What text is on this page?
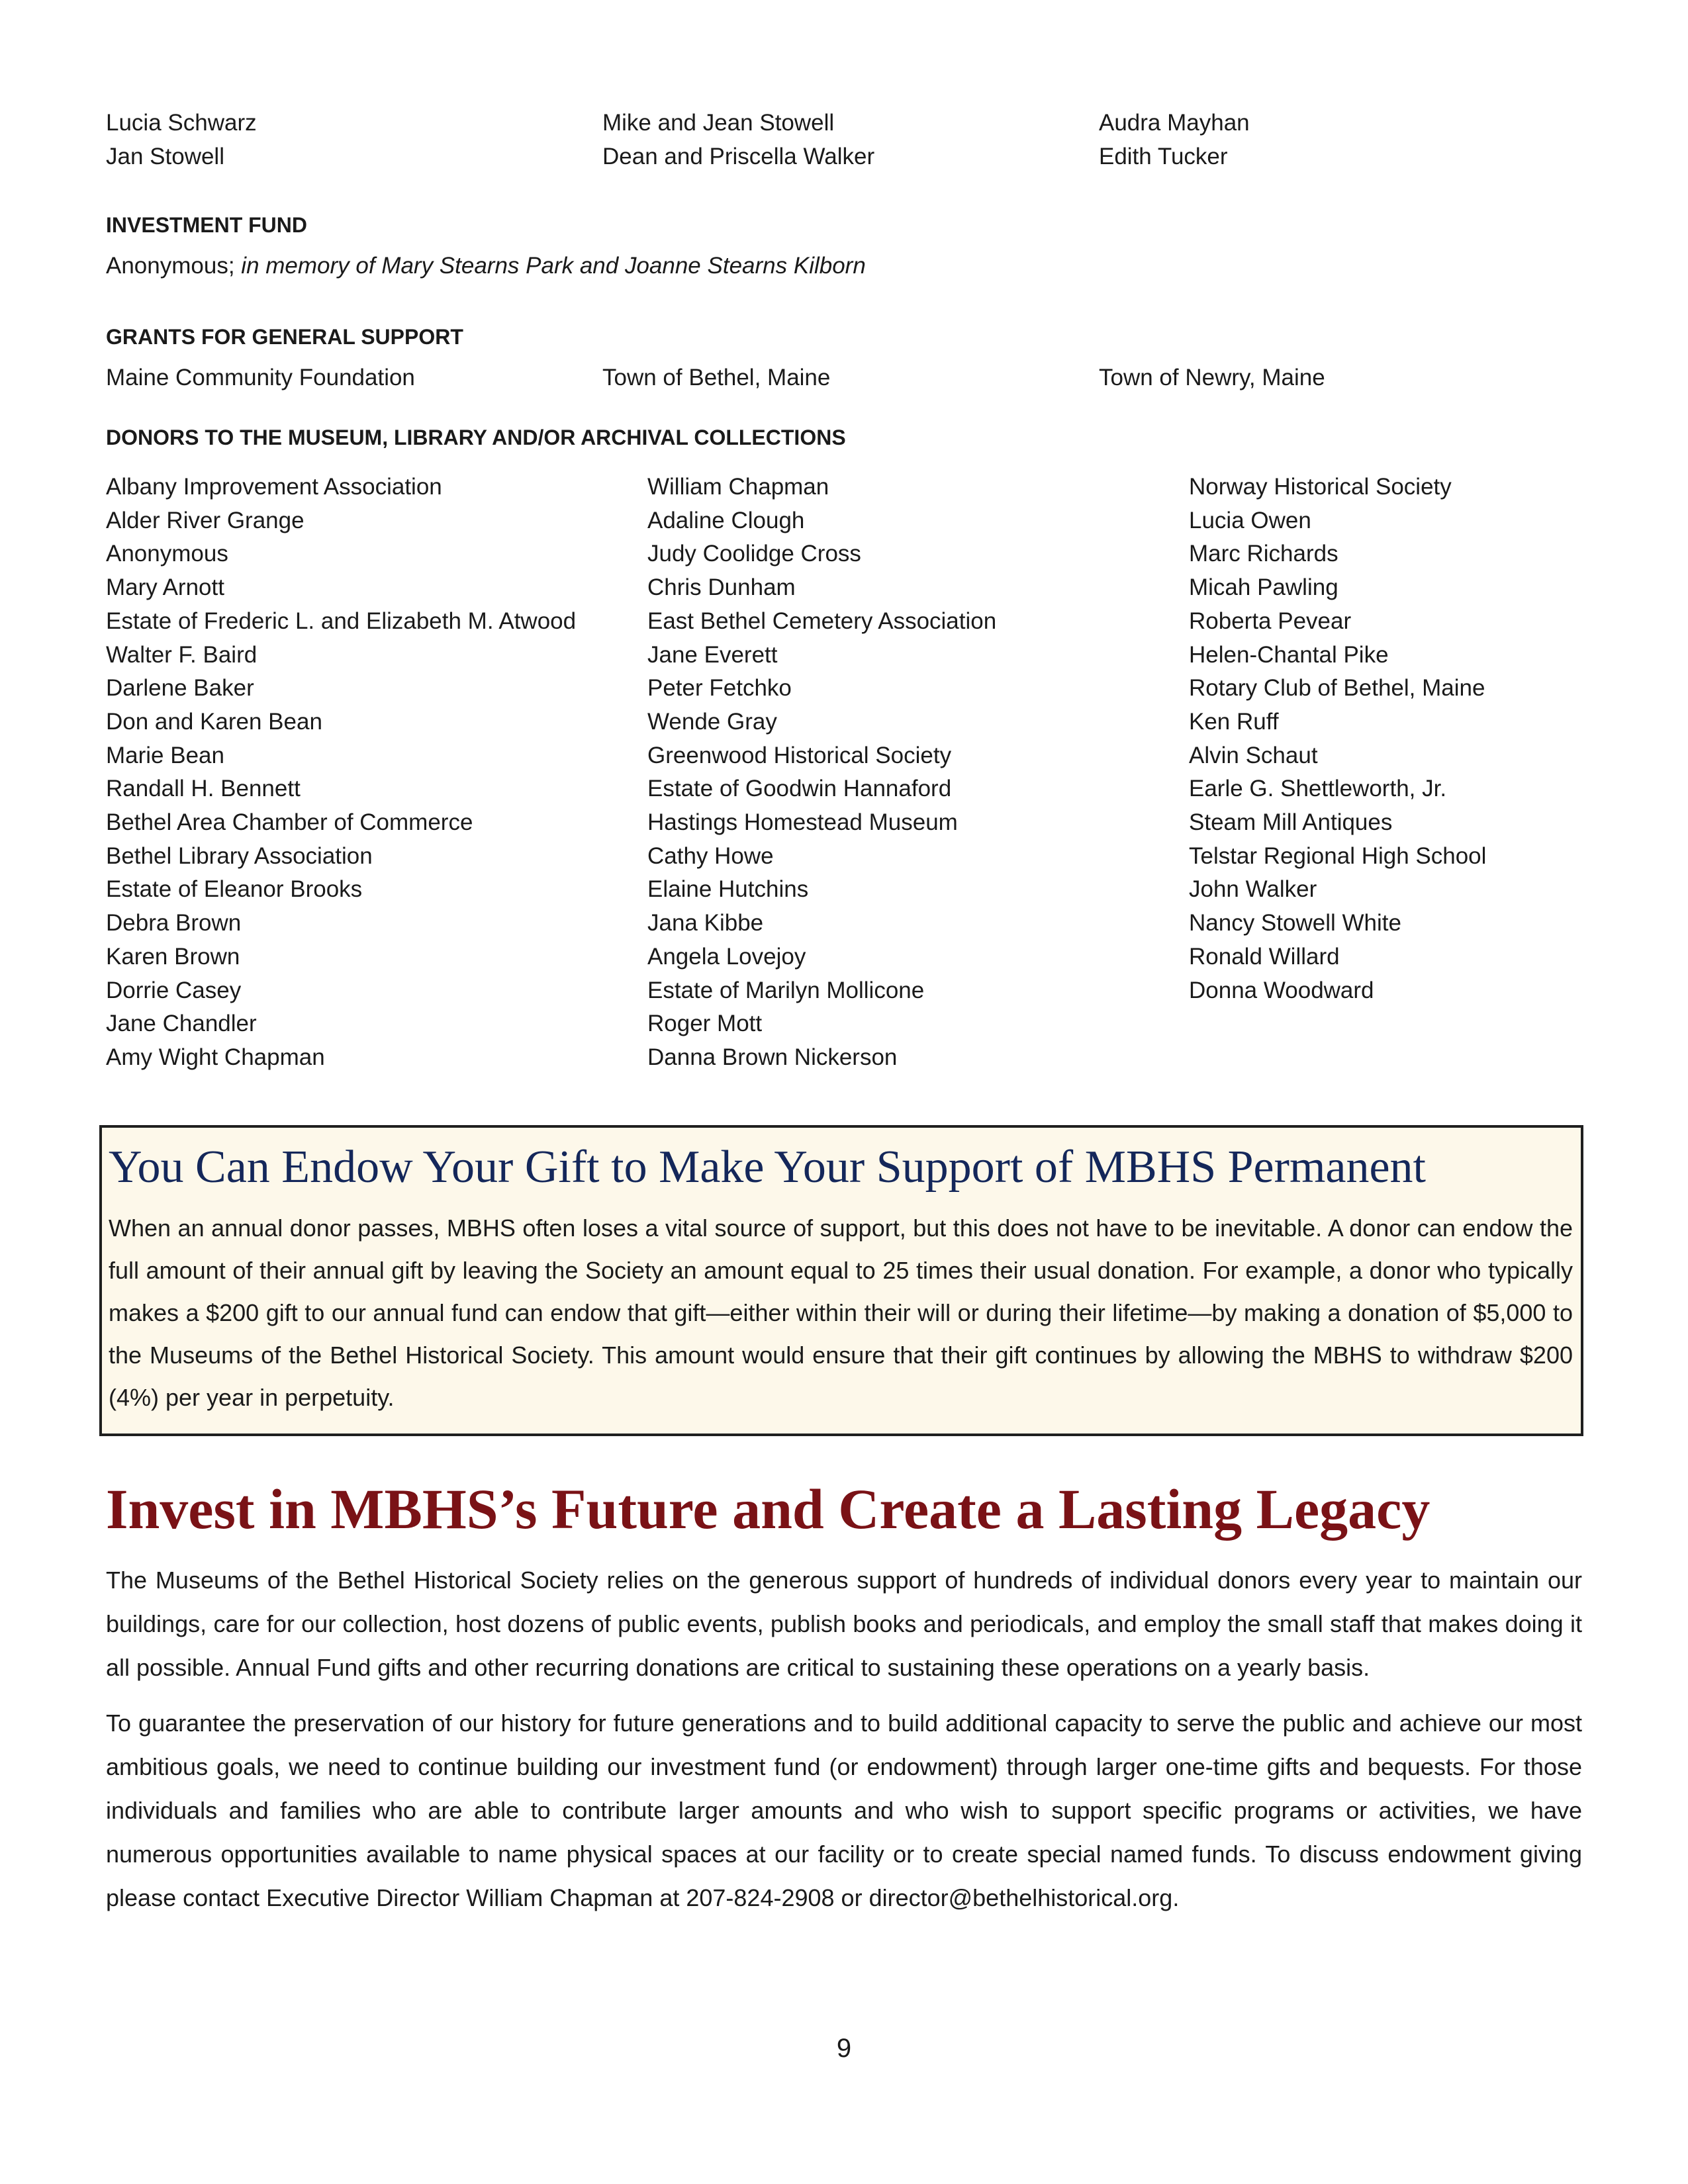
Lucia Schwarz
Jan Stowell
Mike and Jean Stowell
Dean and Priscella Walker
Audra Mayhan
Edith Tucker

INVESTMENT FUND

Anonymous; in memory of Mary Stearns Park and Joanne Stearns Kilborn

GRANTS FOR GENERAL SUPPORT

Maine Community Foundation	Town of Bethel, Maine	Town of Newry, Maine

DONORS TO THE MUSEUM, LIBRARY AND/OR ARCHIVAL COLLECTIONS

Albany Improvement Association
Alder River Grange
Anonymous
Mary Arnott
Estate of Frederic L. and Elizabeth M. Atwood
Walter F. Baird
Darlene Baker
Don and Karen Bean
Marie Bean
Randall H. Bennett
Bethel Area Chamber of Commerce
Bethel Library Association
Estate of Eleanor Brooks
Debra Brown
Karen Brown
Dorrie Casey
Jane Chandler
Amy Wight Chapman
William Chapman
Adaline Clough
Judy Coolidge Cross
Chris Dunham
East Bethel Cemetery Association
Jane Everett
Peter Fetchko
Wende Gray
Greenwood Historical Society
Estate of Goodwin Hannaford
Hastings Homestead Museum
Cathy Howe
Elaine Hutchins
Jana Kibbe
Angela Lovejoy
Estate of Marilyn Mollicone
Roger Mott
Danna Brown Nickerson
Norway Historical Society
Lucia Owen
Marc Richards
Micah Pawling
Roberta Pevear
Helen-Chantal Pike
Rotary Club of Bethel, Maine
Ken Ruff
Alvin Schaut
Earle G. Shettleworth, Jr.
Steam Mill Antiques
Telstar Regional High School
John Walker
Nancy Stowell White
Ronald Willard
Donna Woodward
You Can Endow Your Gift to Make Your Support of MBHS Permanent

When an annual donor passes, MBHS often loses a vital source of support, but this does not have to be inevitable. A donor can endow the full amount of their annual gift by leaving the Society an amount equal to 25 times their usual donation. For example, a donor who typically makes a $200 gift to our annual fund can endow that gift—either within their will or during their lifetime—by making a donation of $5,000 to the Museums of the Bethel Historical Society. This amount would ensure that their gift continues by allowing the MBHS to withdraw $200 (4%) per year in perpetuity.

Invest in MBHS’s Future and Create a Lasting Legacy

The Museums of the Bethel Historical Society relies on the generous support of hundreds of individual donors every year to maintain our buildings, care for our collection, host dozens of public events, publish books and periodicals, and employ the small staff that makes doing it all possible. Annual Fund gifts and other recurring donations are critical to sustaining these operations on a yearly basis.

To guarantee the preservation of our history for future generations and to build additional capacity to serve the public and achieve our most ambitious goals, we need to continue building our investment fund (or endowment) through larger one-time gifts and bequests. For those individuals and families who are able to contribute larger amounts and who wish to support specific programs or activities, we have numerous opportunities available to name physical spaces at our facility or to create special named funds. To discuss endowment giving please contact Executive Director William Chapman at 207-824-2908 or director@bethelhistorical.org.

9
